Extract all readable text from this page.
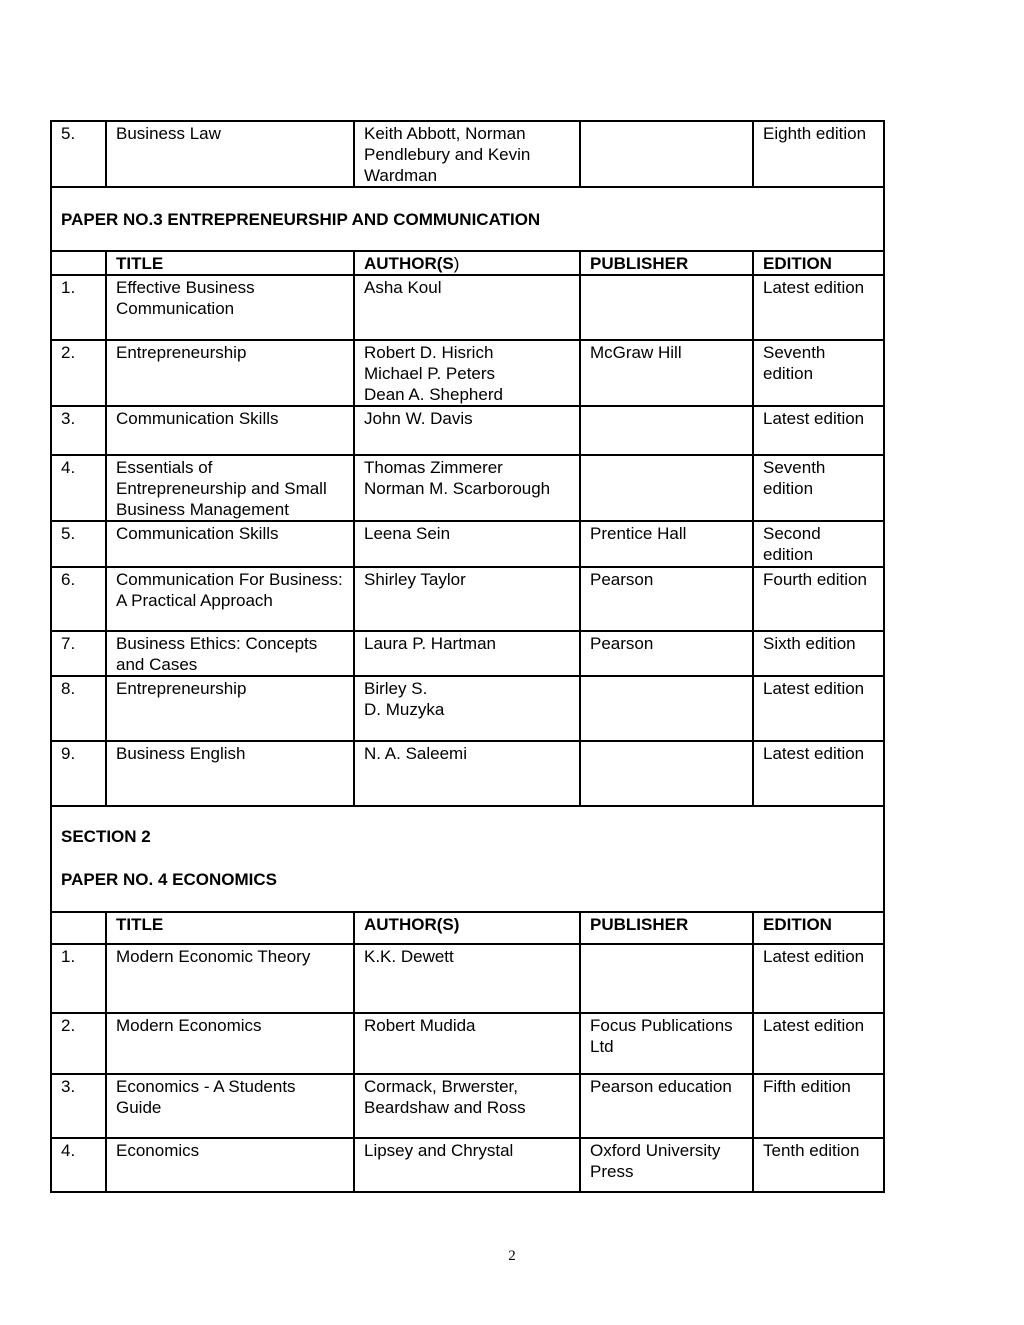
5.	Business Law	Keith Abbott, Norman Pendlebury and Kevin Wardman		Eighth edition

PAPER NO.3 ENTREPRENEURSHIP AND COMMUNICATION				

	TITLE	AUTHOR(S)	PUBLISHER	EDITION
1.	Effective Business Communication	Asha Koul		Latest edition
2.	Entrepreneurship	Robert D. Hisrich
Michael P. Peters
Dean A. Shepherd	McGraw Hill	Seventh edition
3.	Communication Skills	John W. Davis		Latest edition
4.	Essentials of Entrepreneurship and Small Business Management	Thomas Zimmerer
Norman M. Scarborough		Seventh edition
5.	Communication Skills	Leena Sein	Prentice Hall	Second edition
6.	Communication For Business: A Practical Approach	Shirley Taylor	Pearson	Fourth edition
7.	Business Ethics: Concepts and Cases	Laura P. Hartman	Pearson	Sixth edition
8.	Entrepreneurship	Birley S.
D. Muzyka		Latest edition
9.	Business English	N. A. Saleemi		Latest edition

SECTION 2
PAPER NO. 4 ECONOMICS				

	TITLE	AUTHOR(S)	PUBLISHER	EDITION
1.	Modern Economic Theory	K.K. Dewett		Latest edition
2.	Modern Economics	Robert Mudida	Focus Publications Ltd	Latest edition
3.	Economics - A Students Guide	Cormack, Brwerster, Beardshaw and Ross	Pearson education	Fifth edition
4.	Economics	Lipsey and Chrystal	Oxford University Press	Tenth edition
2
